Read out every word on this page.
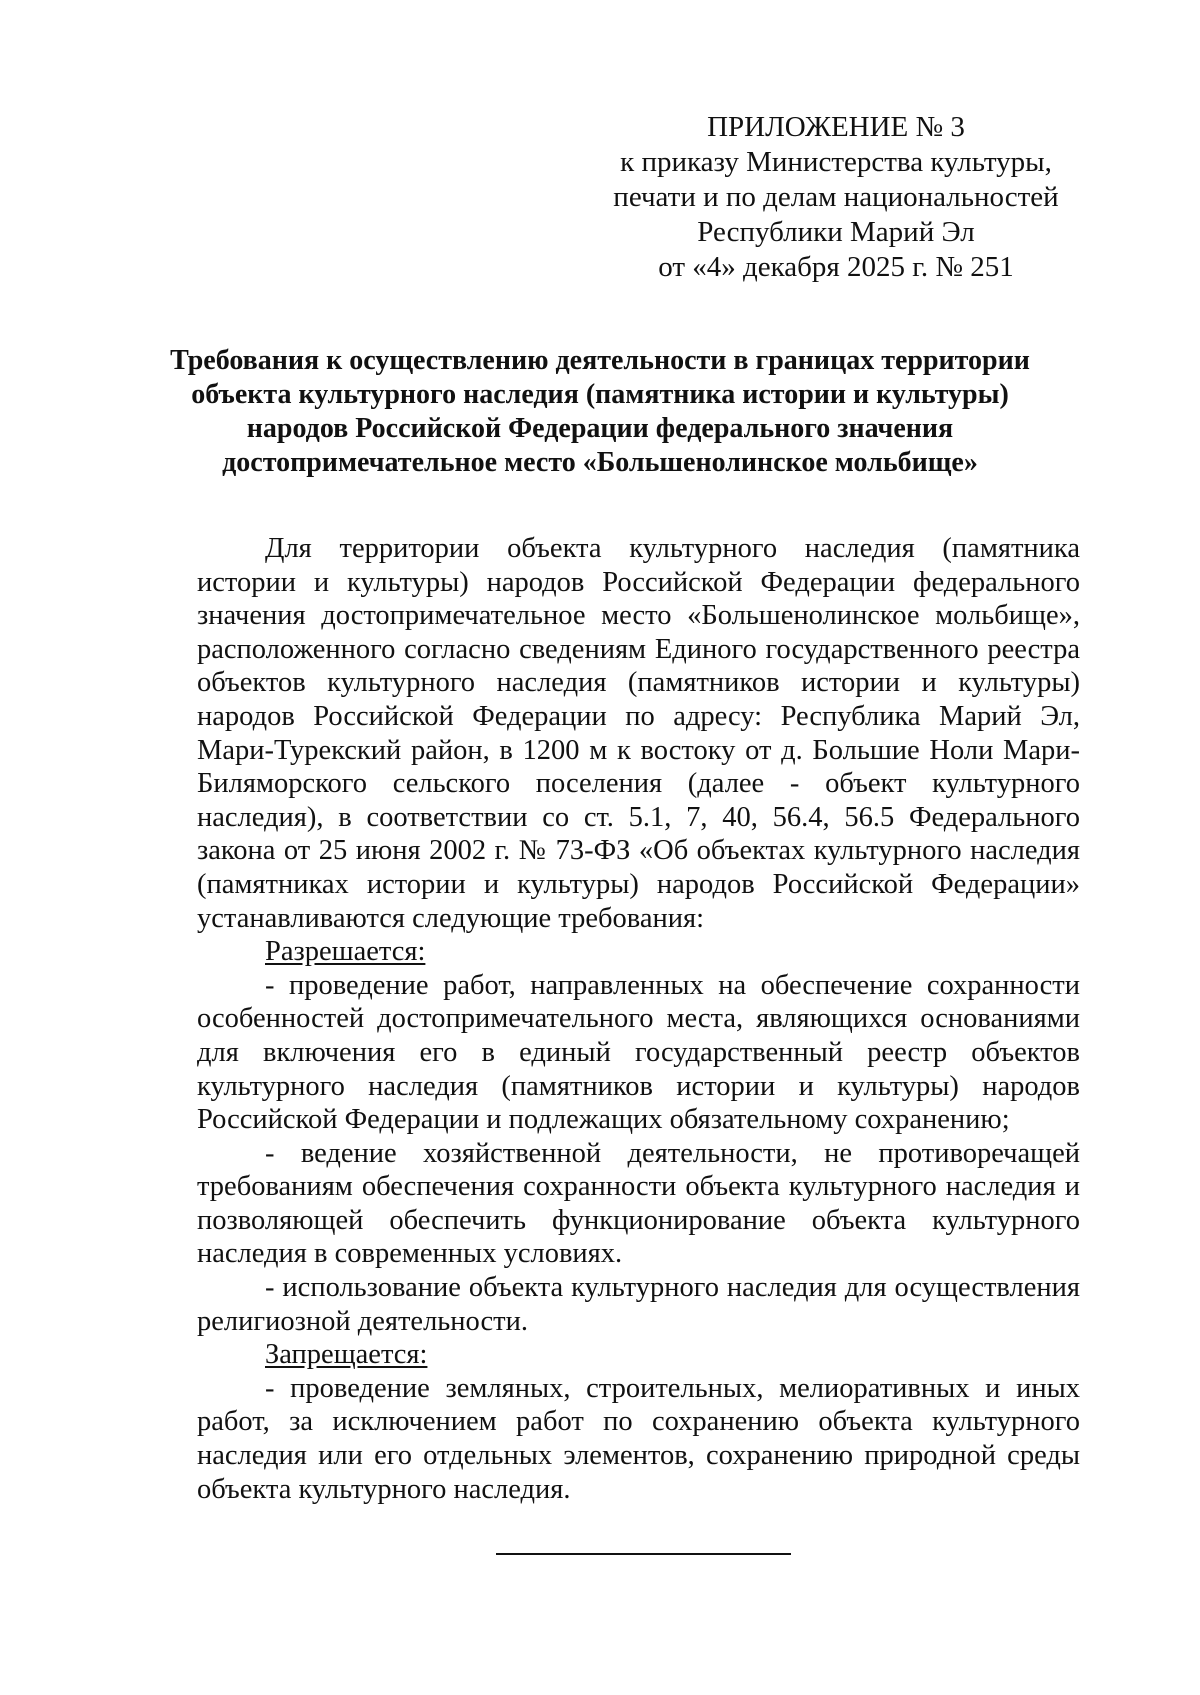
ПРИЛОЖЕНИЕ № 3
к приказу Министерства культуры,
печати и по делам национальностей
Республики Марий Эл
от «4» декабря 2025 г. № 251
Требования к осуществлению деятельности в границах территории
объекта культурного наследия (памятника истории и культуры)
народов Российской Федерации федерального значения
достопримечательное место «Большенолинское мольбище»

Для территории объекта культурного наследия (памятника истории и культуры) народов Российской Федерации федерального значения достопримечательное место «Большенолинское мольбище», расположенного согласно сведениям Единого государственного реестра объектов культурного наследия (памятников истории и культуры) народов Российской Федерации по адресу: Республика Марий Эл, Мари-Турекский район, в 1200 м к востоку от д. Большие Ноли Мари-Биляморского сельского поселения (далее - объект культурного наследия), в соответствии со ст. 5.1, 7, 40, 56.4, 56.5 Федерального закона от 25 июня 2002 г. № 73-ФЗ «Об объектах культурного наследия (памятниках истории и культуры) народов Российской Федерации» устанавливаются следующие требования:

Разрешается:

- проведение работ, направленных на обеспечение сохранности особенностей достопримечательного места, являющихся основаниями для включения его в единый государственный реестр объектов культурного наследия (памятников истории и культуры) народов Российской Федерации и подлежащих обязательному сохранению;

- ведение хозяйственной деятельности, не противоречащей требованиям обеспечения сохранности объекта культурного наследия и позволяющей обеспечить функционирование объекта культурного наследия в современных условиях.

- использование объекта культурного наследия для осуществления религиозной деятельности.

Запрещается:

- проведение земляных, строительных, мелиоративных и иных работ, за исключением работ по сохранению объекта культурного наследия или его отдельных элементов, сохранению природной среды объекта культурного наследия.
